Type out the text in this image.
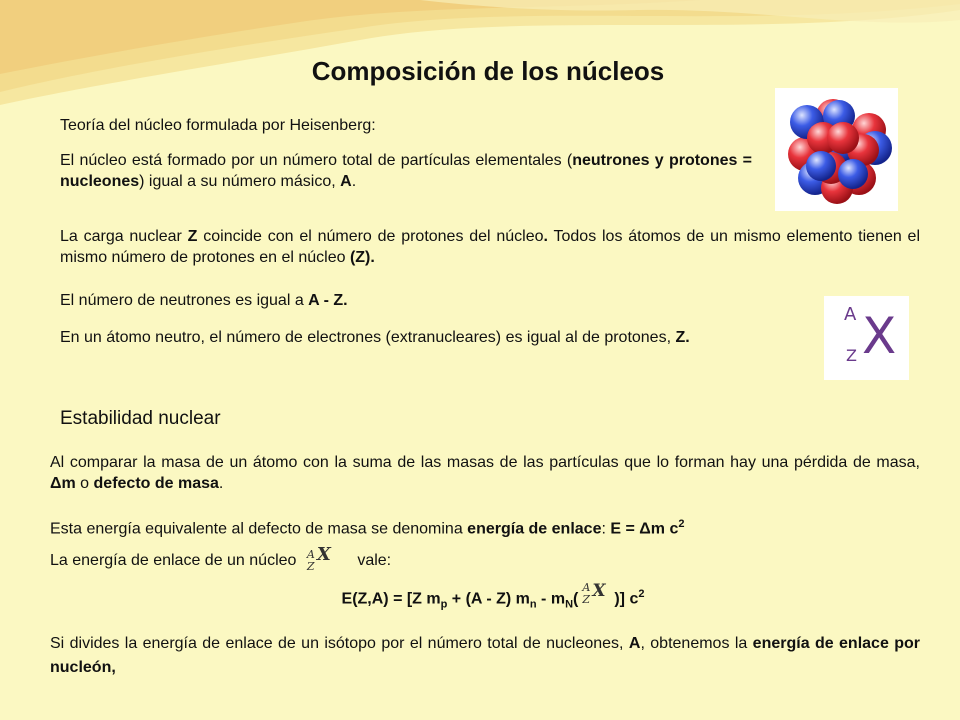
Composición de los núcleos

Teoría del núcleo formulada por Heisenberg:

El núcleo está formado por un número total de partículas elementales (neutrones y protones = nucleones) igual a su número másico, A.

La carga nuclear Z coincide con el número de protones del núcleo. Todos los átomos de un mismo elemento tienen el mismo número de protones en el núcleo (Z).

El número de neutrones es igual a A - Z.

En un átomo neutro, el número de electrones (extranucleares) es igual al de protones, Z.

A
Z X
Estabilidad nuclear

Al comparar la masa de un átomo con la suma de las masas de las partículas que lo forman hay una pérdida de masa, Δm o defecto de masa.

Esta energía equivalente al defecto de masa se denomina energía de enlace: E = Δm $c^2$

La energía de enlace de un núcleo A
Z
X vale:

E(Z,A) = [Z $m_p + (A - Z)$ $m_n - m_N$(
A
Z X )] $c^2$

Si divides la energía de enlace de un isótopo por el número total de nucleones, A, obtenemos la energía de enlace por nucleón,
